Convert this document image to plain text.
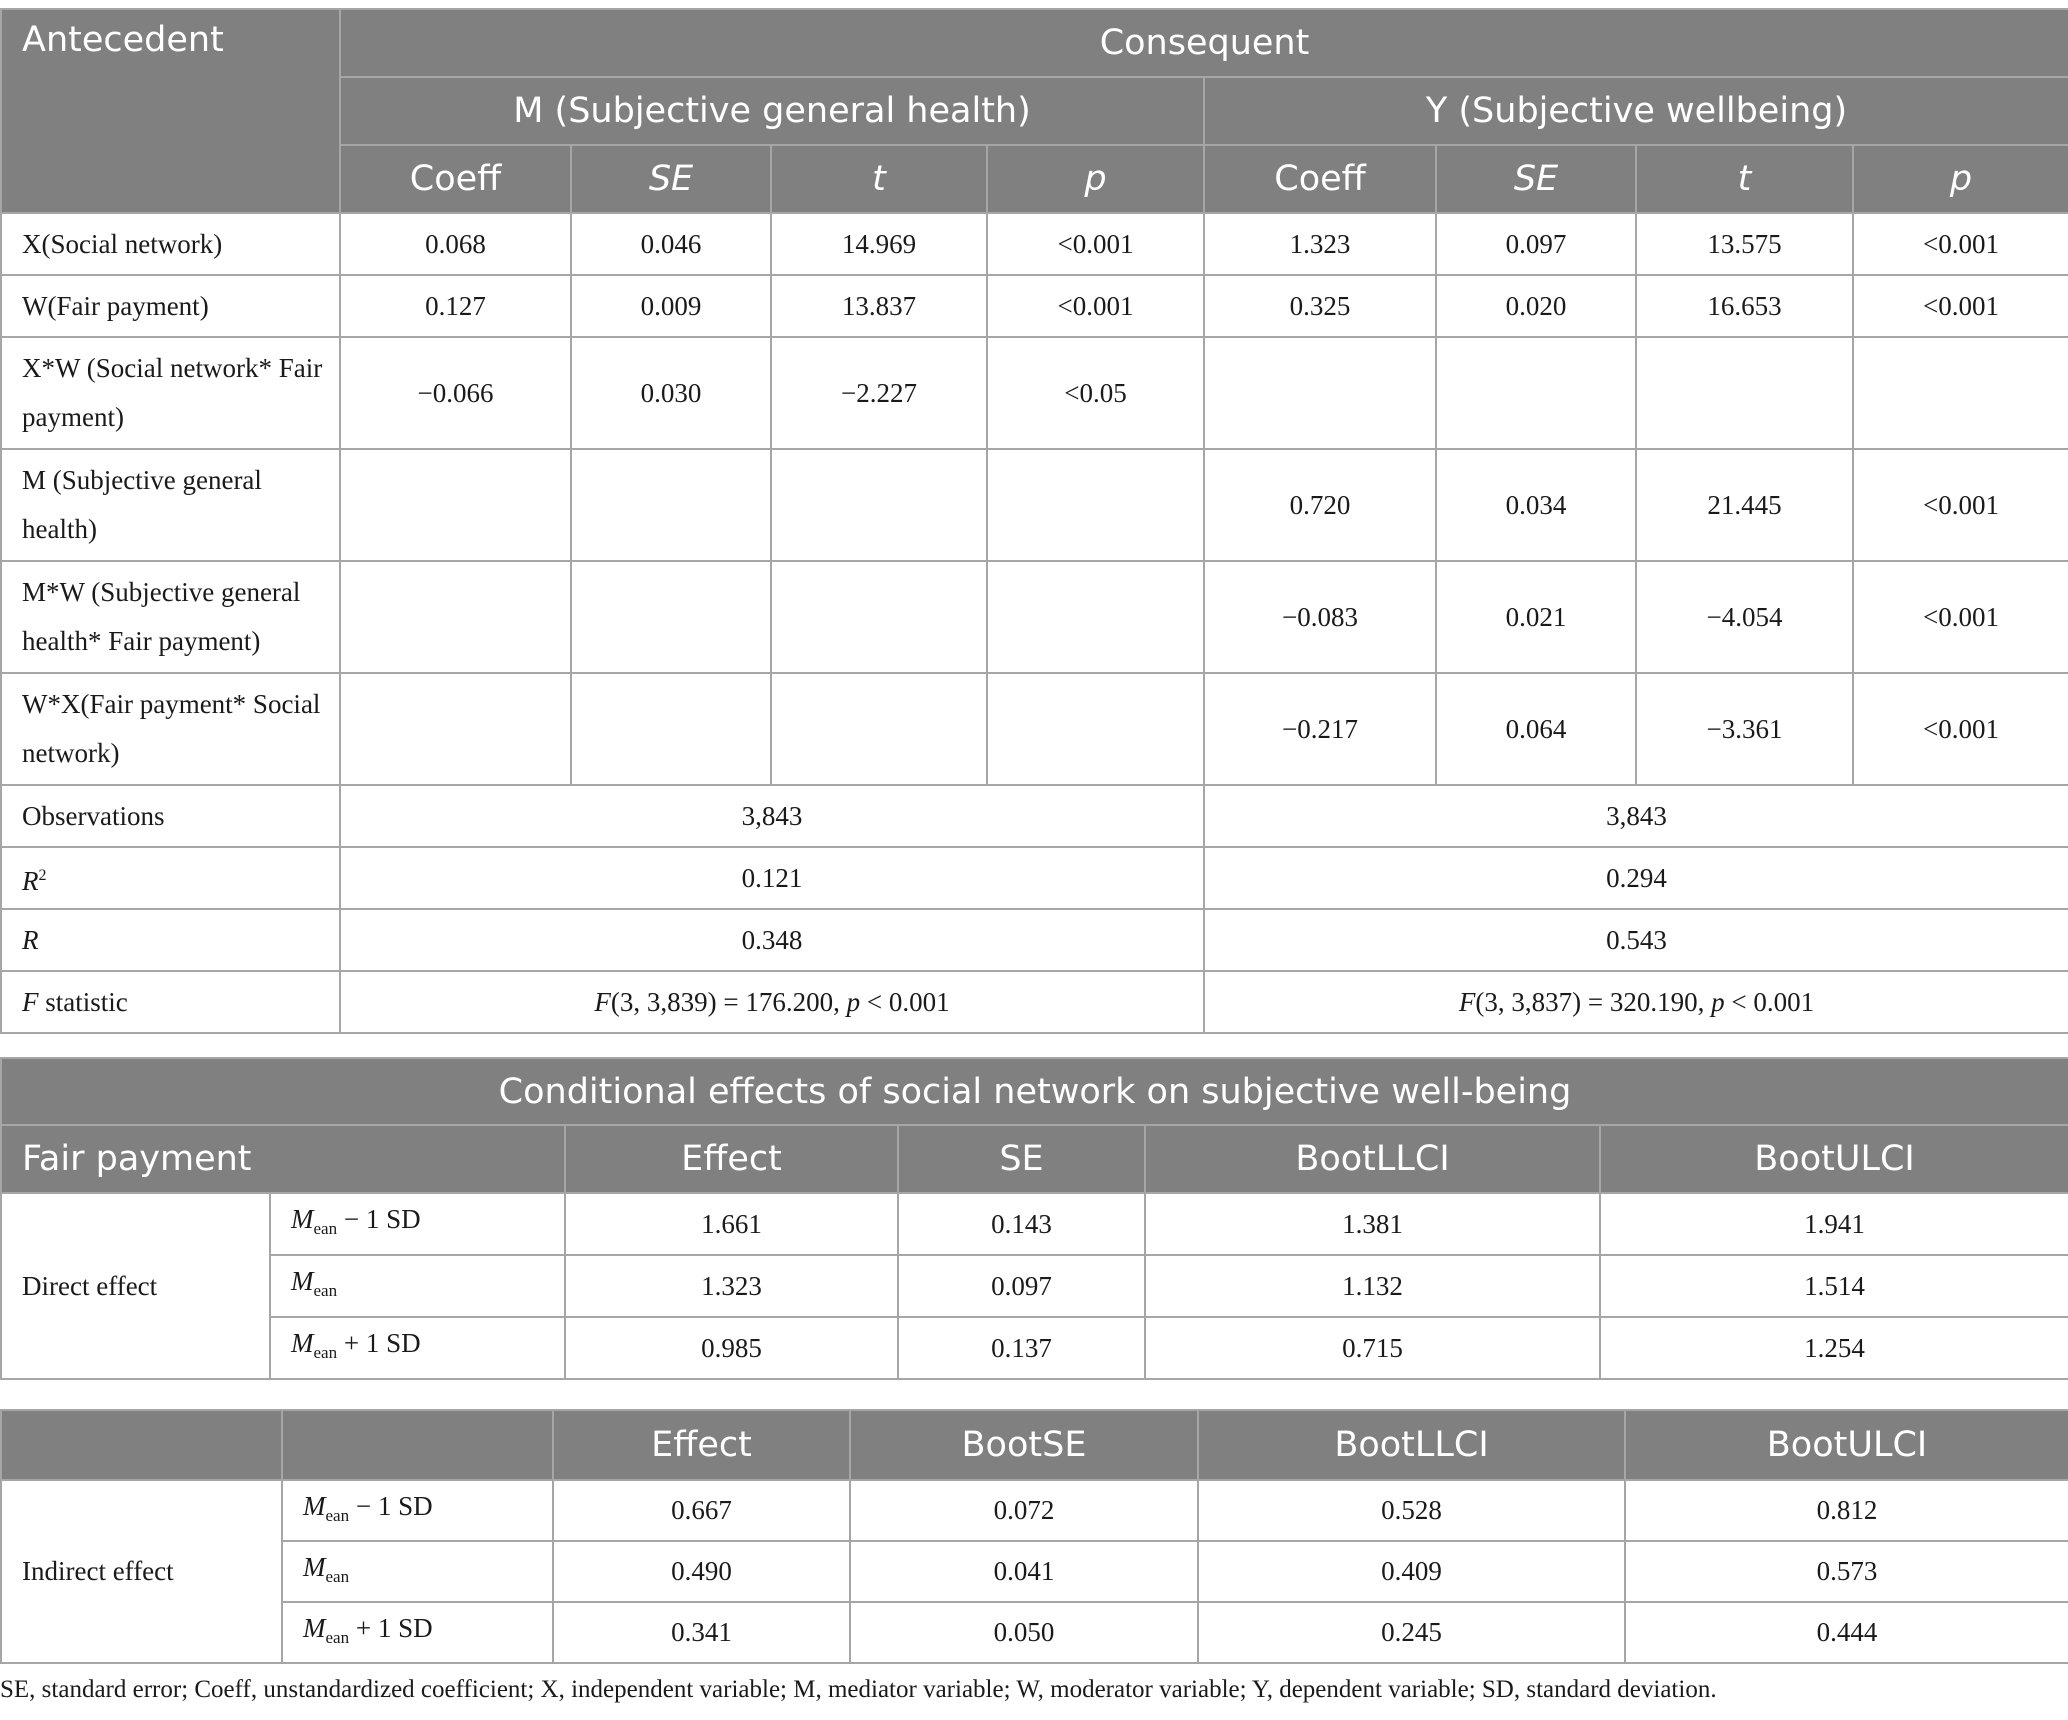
Antecedent	Consequent							
	M (Subjective general health)				Y (Subjective wellbeing)			
	Coeff	SE	t	p	Coeff	SE	t	p
X(Social network)	0.068	0.046	14.969	<0.001	1.323	0.097	13.575	<0.001
W(Fair payment)	0.127	0.009	13.837	<0.001	0.325	0.020	16.653	<0.001
X*W (Social network* Fair payment)	−0.066	0.030	−2.227	<0.05				
M (Subjective general health)					0.720	0.034	21.445	<0.001
M*W (Subjective general health* Fair payment)					−0.083	0.021	−4.054	<0.001
W*X(Fair payment* Social network)					−0.217	0.064	−3.361	<0.001
Observations	3,843				3,843			
$R^2$	0.121				0.294			
R	0.348				0.543			
F statistic	F(3, 3,839) = 176.200, p < 0.001				F(3, 3,837) = 320.190, p < 0.001			
Conditional effects of social network on subjective well-being					
Fair payment		Effect	SE	BootLLCI	BootULCI
Direct effect	$M_{ean} - 1$ SD	1.661	0.143	1.381	1.941
	$M_{ean}$	1.323	0.097	1.132	1.514
	$M_{ean} + 1$ SD	0.985	0.137	0.715	1.254
		Effect	BootSE	BootLLCI	BootULCI
Indirect effect	$M_{ean} - 1$ SD	0.667	0.072	0.528	0.812
	$M_{ean}$	0.490	0.041	0.409	0.573
	$M_{ean} + 1$ SD	0.341	0.050	0.245	0.444
SE, standard error; Coeff, unstandardized coefficient; X, independent variable; M, mediator variable; W, moderator variable; Y, dependent variable; SD, standard deviation.
